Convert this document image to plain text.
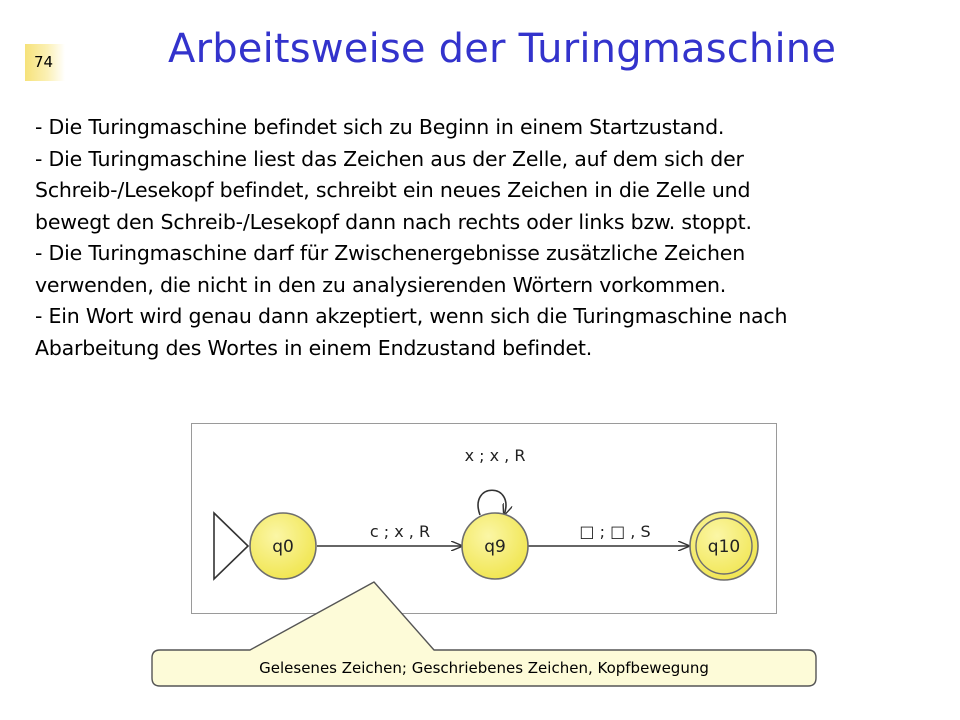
74	Arbeitsweise der Turingmaschine
- Die Turingmaschine befindet sich zu Beginn in einem Startzustand.
- Die Turingmaschine liest das Zeichen aus der Zelle, auf dem sich der
Schreib-/Lesekopf befindet, schreibt ein neues Zeichen in die Zelle und
bewegt den Schreib-/Lesekopf dann nach rechts oder links bzw. stoppt.
- Die Turingmaschine darf für Zwischenergebnisse zusätzliche Zeichen
verwenden, die nicht in den zu analysierenden Wörtern vorkommen.
- Ein Wort wird genau dann akzeptiert, wenn sich die Turingmaschine nach
Abarbeitung des Wortes in einem Endzustand befindet.
c ; x , R
x ; x , R
□ ; □ , S
q0	q9	q10
Gelesenes Zeichen; Geschriebenes Zeichen, Kopfbewegung
